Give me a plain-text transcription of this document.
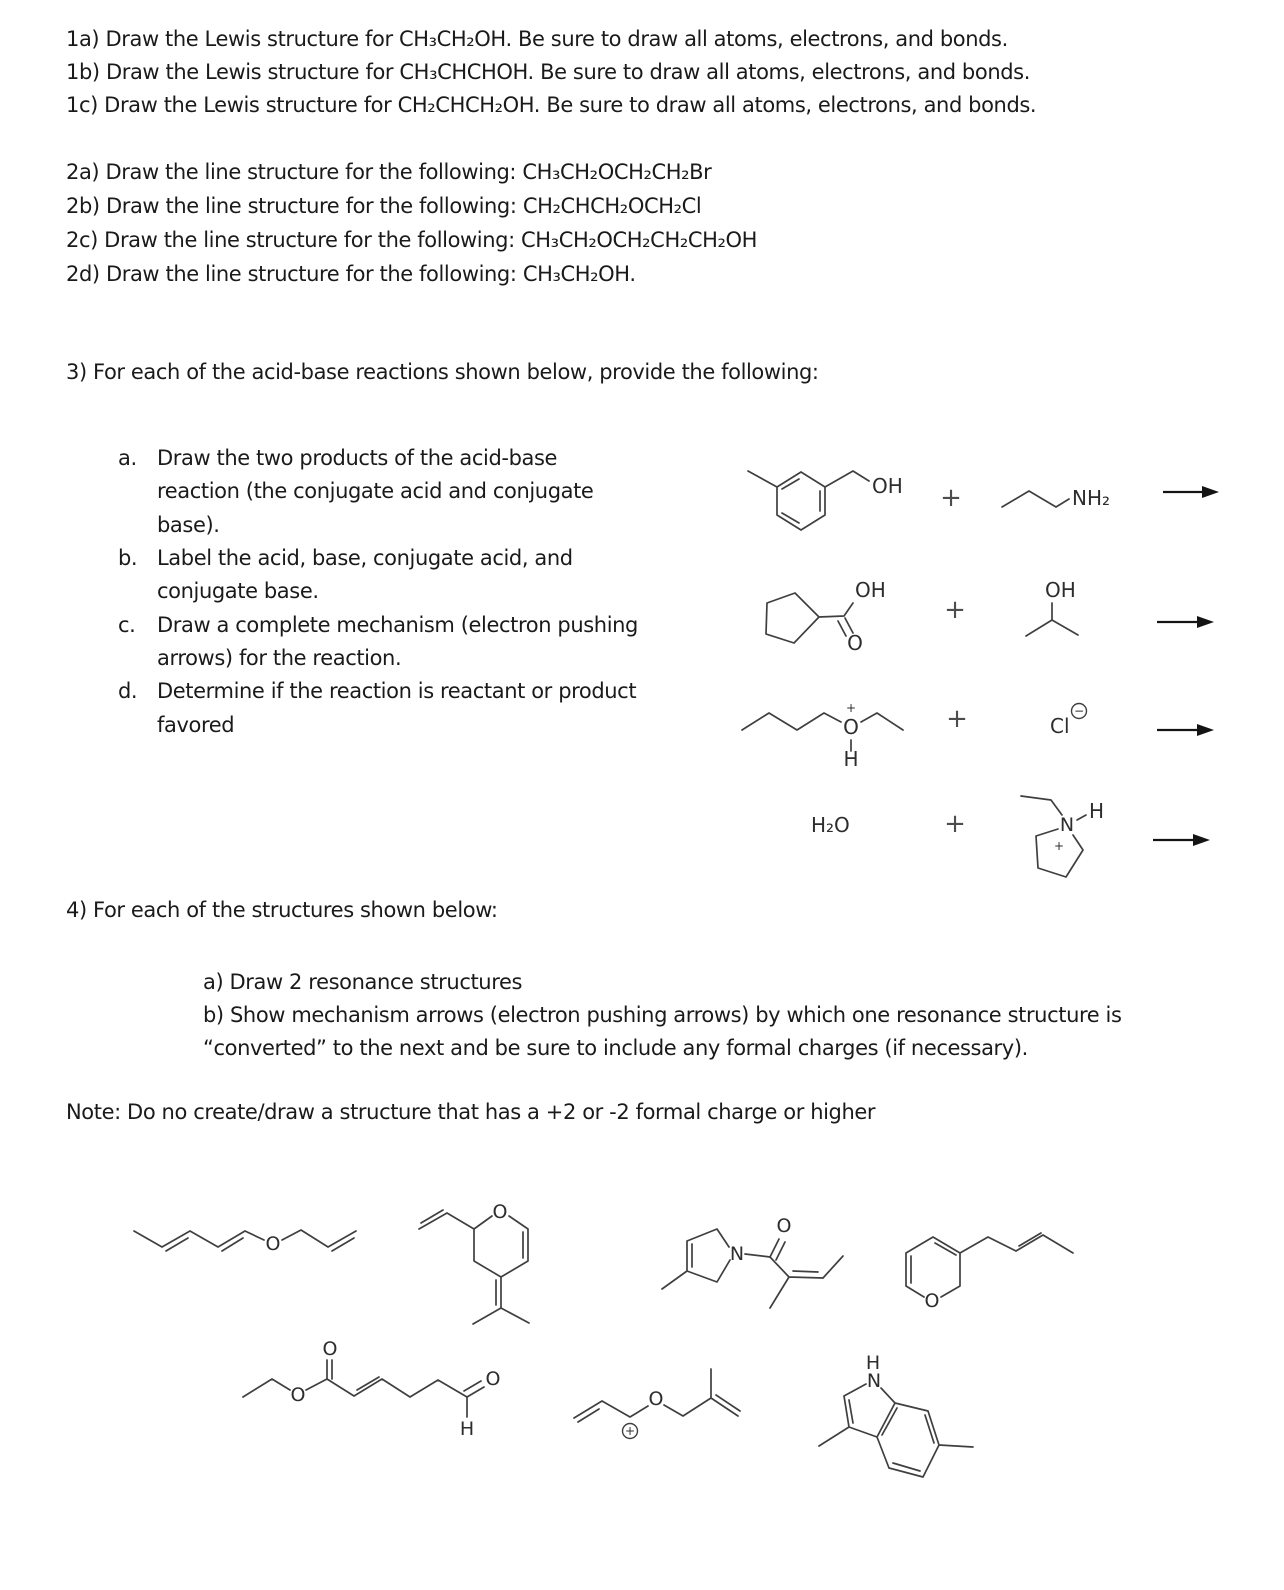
1a) Draw the Lewis structure for CH₃CH₂OH. Be sure to draw all atoms, electrons, and bonds.
1b) Draw the Lewis structure for CH₃CHCHOH. Be sure to draw all atoms, electrons, and bonds.
1c) Draw the Lewis structure for CH₂CHCH₂OH. Be sure to draw all atoms, electrons, and bonds.
2a) Draw the line structure for the following: CH₃CH₂OCH₂CH₂Br
2b) Draw the line structure for the following: CH₂CHCH₂OCH₂Cl
2c) Draw the line structure for the following: CH₃CH₂OCH₂CH₂CH₂OH
2d) Draw the line structure for the following: CH₃CH₂OH.
3) For each of the acid-base reactions shown below, provide the following:
a. Draw the two products of the acid-base
reaction (the conjugate acid and conjugate
base).
b. Label the acid, base, conjugate acid, and
conjugate base.
c. Draw a complete mechanism (electron pushing
arrows) for the reaction.
d. Determine if the reaction is reactant or product
favored
4) For each of the structures shown below:
a) Draw 2 resonance structures
b) Show mechanism arrows (electron pushing arrows) by which one resonance structure is
“converted” to the next and be sure to include any formal charges (if necessary).
Note: Do no create/draw a structure that has a +2 or -2 formal charge or higher
OH +	NH₂
OH
O
+
OH
O
+
H
+	Cl
−
H₂O	+	N
H
+
O
O
N
O
O
O
O
O
H
O
+
N
H
